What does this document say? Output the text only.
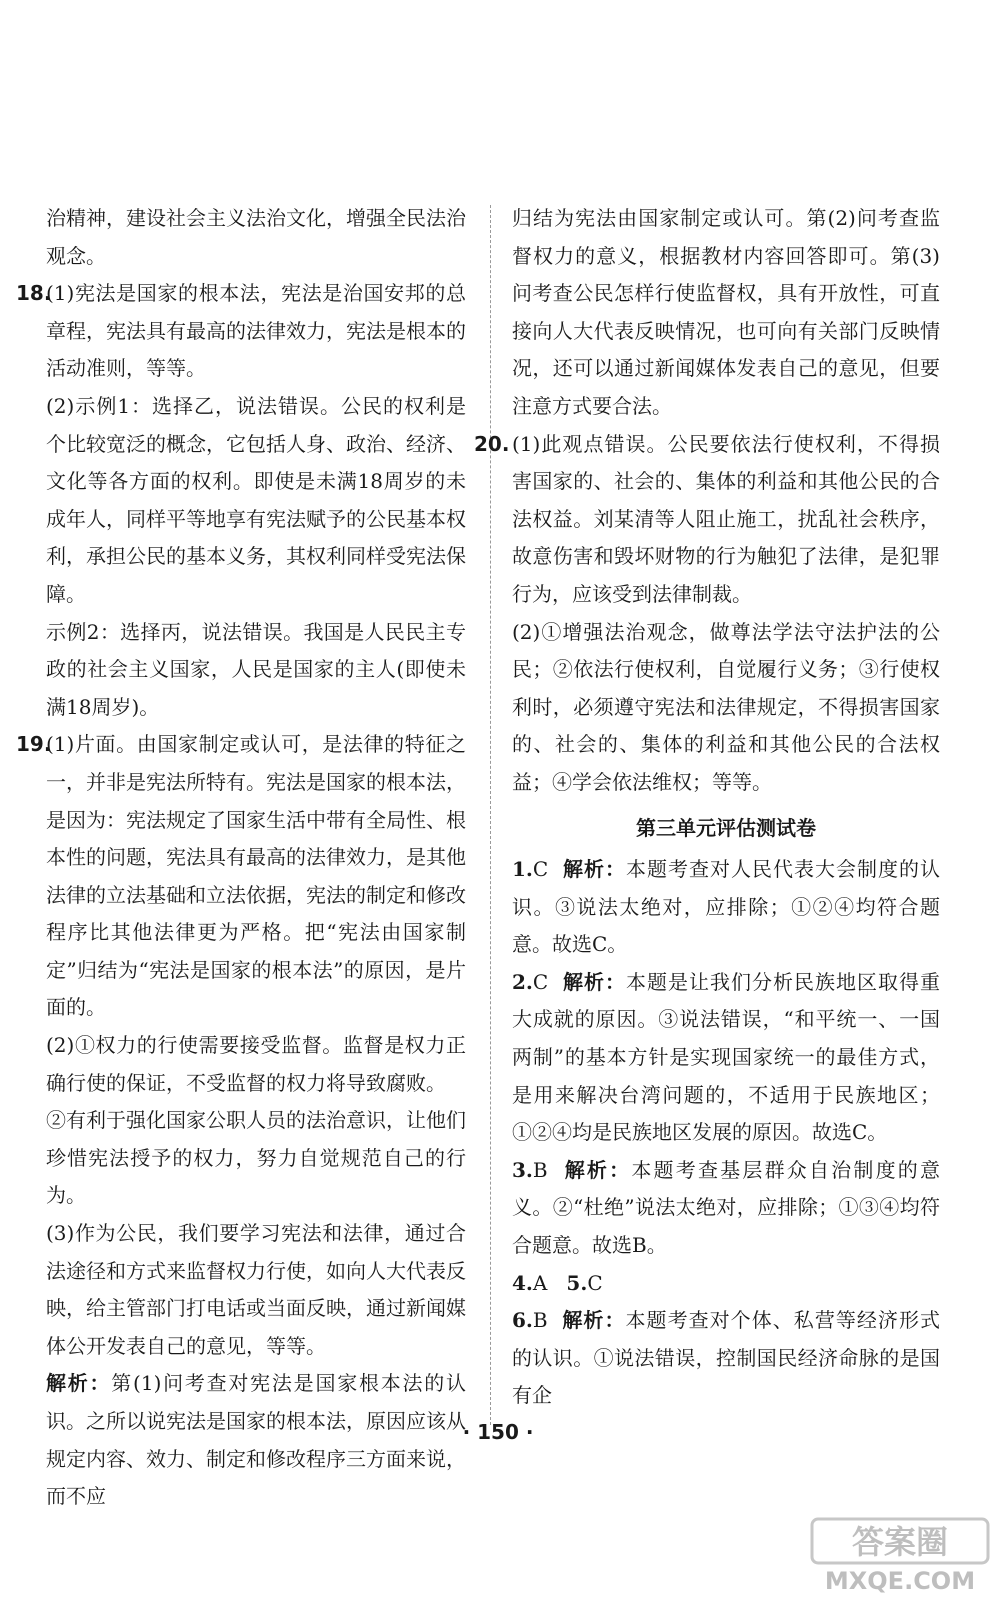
治精神，建设社会主义法治文化，增强全民法治观念。

18.

(1)宪法是国家的根本法，宪法是治国安邦的总章程，宪法具有最高的法律效力，宪法是根本的活动准则，等等。

(2)示例1：选择乙，说法错误。公民的权利是个比较宽泛的概念，它包括人身、政治、经济、文化等各方面的权利。即使是未满18周岁的未成年人，同样平等地享有宪法赋予的公民基本权利，承担公民的基本义务，其权利同样受宪法保障。

示例2：选择丙，说法错误。我国是人民民主专政的社会主义国家，人民是国家的主人(即使未满18周岁)。

19.

(1)片面。由国家制定或认可，是法律的特征之一，并非是宪法所特有。宪法是国家的根本法，是因为：宪法规定了国家生活中带有全局性、根本性的问题，宪法具有最高的法律效力，是其他法律的立法基础和立法依据，宪法的制定和修改程序比其他法律更为严格。把“宪法由国家制定”归结为“宪法是国家的根本法”的原因，是片面的。

(2)①权力的行使需要接受监督。监督是权力正确行使的保证，不受监督的权力将导致腐败。

②有利于强化国家公职人员的法治意识，让他们珍惜宪法授予的权力，努力自觉规范自己的行为。

(3)作为公民，我们要学习宪法和法律，通过合法途径和方式来监督权力行使，如向人大代表反映，给主管部门打电话或当面反映，通过新闻媒体公开发表自己的意见，等等。

解析：第(1)问考查对宪法是国家根本法的认识。之所以说宪法是国家的根本法，原因应该从规定内容、效力、制定和修改程序三方面来说，而不应

归结为宪法由国家制定或认可。第(2)问考查监督权力的意义，根据教材内容回答即可。第(3)问考查公民怎样行使监督权，具有开放性，可直接向人大代表反映情况，也可向有关部门反映情况，还可以通过新闻媒体发表自己的意见，但要注意方式要合法。

20. (1)此观点错误。公民要依法行使权利，不得损害国家的、社会的、集体的利益和其他公民的合法权益。刘某清等人阻止施工，扰乱社会秩序，故意伤害和毁坏财物的行为触犯了法律，是犯罪行为，应该受到法律制裁。

(2)①增强法治观念，做尊法学法守法护法的公民；②依法行使权利，自觉履行义务；③行使权利时，必须遵守宪法和法律规定，不得损害国家的、社会的、集体的利益和其他公民的合法权益；④学会依法维权；等等。

第三单元评估测试卷
1.C 解析：本题考查对人民代表大会制度的认识。③说法太绝对，应排除；①②④均符合题意。故选C。
2.C 解析：本题是让我们分析民族地区取得重大成就的原因。③说法错误，“和平统一、一国两制”的基本方针是实现国家统一的最佳方式，是用来解决台湾问题的，不适用于民族地区；①②④均是民族地区发展的原因。故选C。
3.B 解析：本题考查基层群众自治制度的意义。②“杜绝”说法太绝对，应排除；①③④均符合题意。故选B。
4.A 5.C
6.B 解析：本题考查对个体、私营等经济形式的认识。①说法错误，控制国民经济命脉的是国有企
· 150 ·
答案圈
MXQE.COM
